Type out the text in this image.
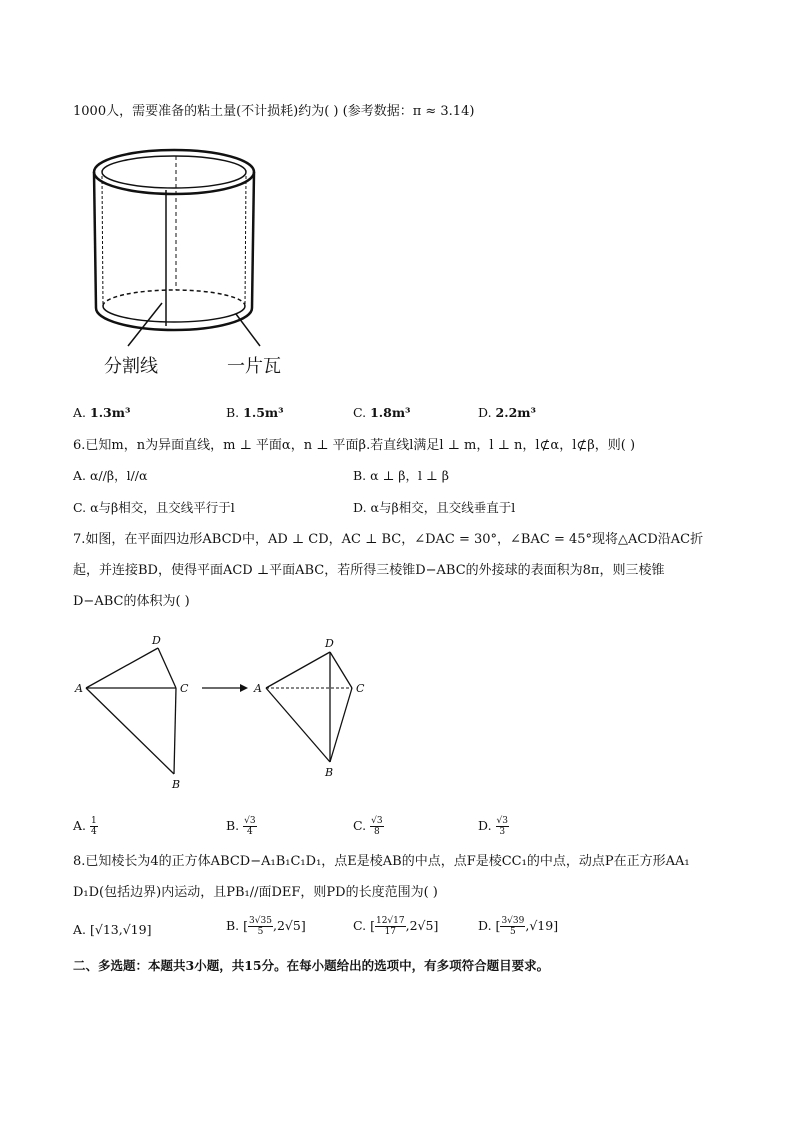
1000人，需要准备的粘土量(不计损耗)约为( ) (参考数据：π ≈ 3.14)
分割线	一片瓦
A. 1.3m³	B. 1.5m³	C. 1.8m³	D. 2.2m³
6.已知m，n为异面直线，m ⊥ 平面α，n ⊥ 平面β.若直线l满足l ⊥ m，l ⊥ n，l⊄α，l⊄β，则( )
A. α//β，l//α	B. α ⊥ β，l ⊥ β
C. α与β相交，且交线平行于l	D. α与β相交，且交线垂直于l
7.如图，在平面四边形ABCD中，AD ⊥ CD，AC ⊥ BC，∠DAC = 30°，∠BAC = 45°现将△ACD沿AC折
起，并连接BD，使得平面ACD ⊥平面ABC，若所得三棱锥D−ABC的外接球的表面积为8π，则三棱锥
D−ABC的体积为( )
A
D
C
B
A
D
C
B
A. $\frac{1}{4}$	B. $\frac{√3}{4}$	C. $\frac{√3}{8}$	D. $\frac{√3}{3}$
8.已知棱长为4的正方体ABCD−A₁B₁C₁D₁，点E是棱AB的中点，点F是棱CC₁的中点，动点P在正方形AA₁
D₁D(包括边界)内运动，且PB₁//面DEF，则PD的长度范围为( )
A. [√13,√19]	B. [ $\frac{3√35}{5} ,2√5$]	C. [ $\frac{12√17}{17} ,2√5$]	D. [ $\frac{3√39}{5} ,√19$]
二、多选题：本题共3小题，共15分。在每小题给出的选项中，有多项符合题目要求。
